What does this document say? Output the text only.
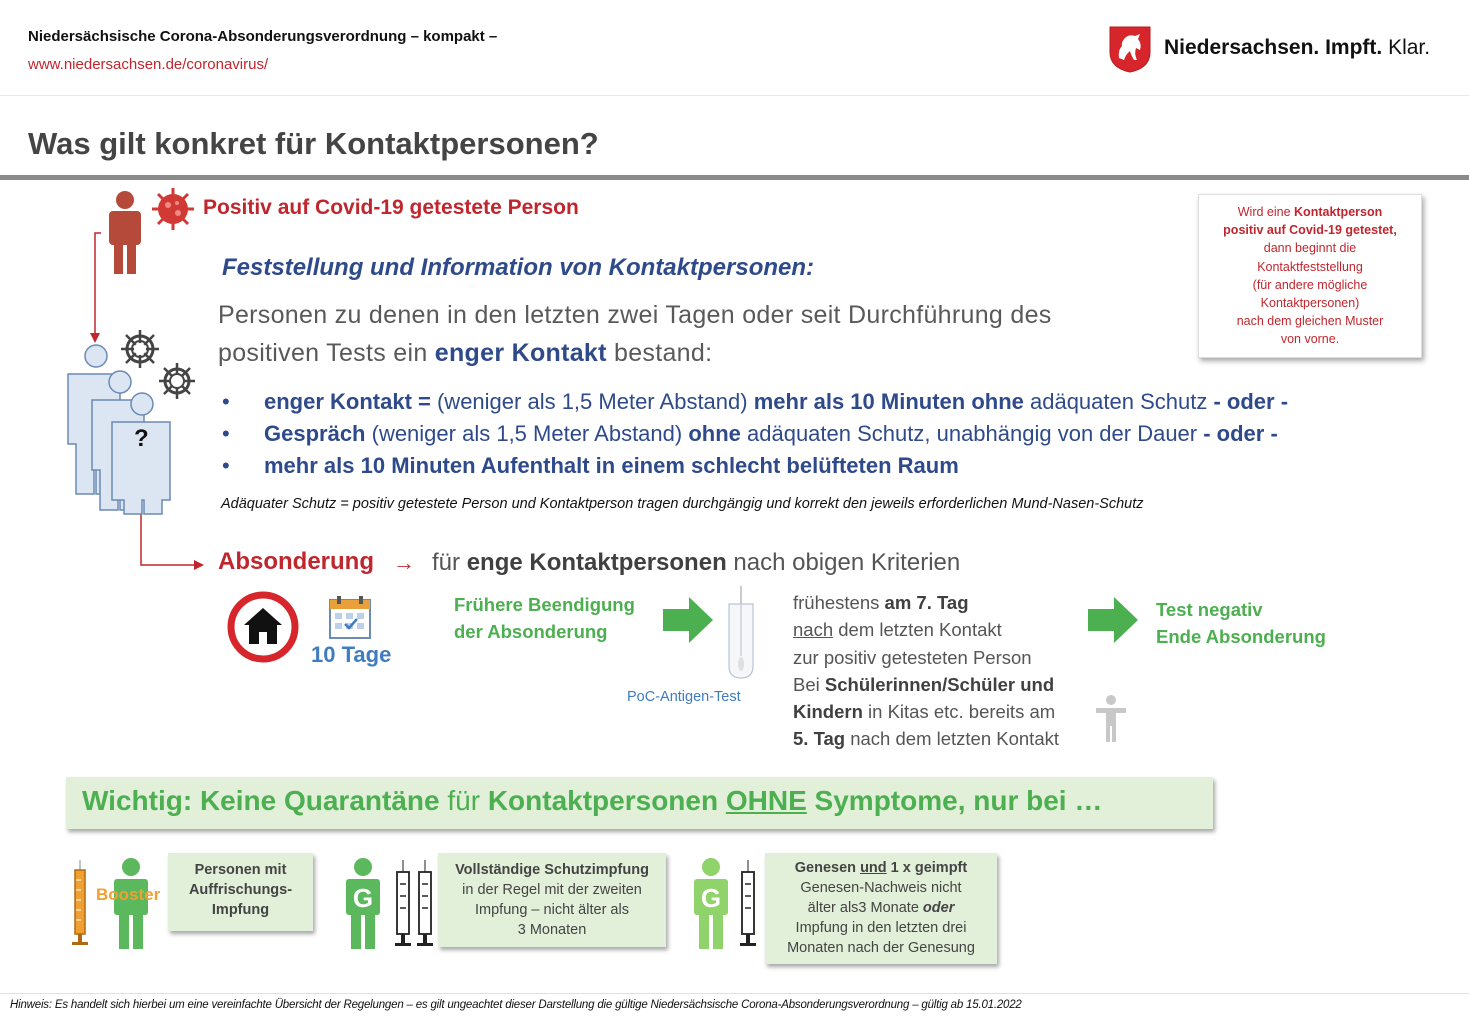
Niedersächsische Corona-Absonderungsverordnung – kompakt –
www.niedersachsen.de/coronavirus/
Niedersachsen. Impft. Klar.
Was gilt konkret für Kontaktpersonen?
Positiv auf Covid-19 getestete Person
?
Feststellung und Information von Kontaktpersonen:
Personen zu denen in den letzten zwei Tagen oder seit Durchführung des positiven Tests ein enger Kontakt bestand:
• enger Kontakt = (weniger als 1,5 Meter Abstand) mehr als 10 Minuten ohne adäquaten Schutz - oder -
• Gespräch (weniger als 1,5 Meter Abstand) ohne adäquaten Schutz, unabhängig von der Dauer - oder -
• mehr als 10 Minuten Aufenthalt in einem schlecht belüfteten Raum
Adäquater Schutz = positiv getestete Person und Kontaktperson tragen durchgängig und korrekt den jeweils erforderlichen Mund-Nasen-Schutz
Wird eine Kontaktperson
positiv auf Covid-19 getestet,
dann beginnt die
Kontaktfeststellung
(für andere mögliche
Kontaktpersonen)
nach dem gleichen Muster
von vorne.
Absonderung → für enge Kontaktpersonen nach obigen Kriterien
10 Tage
Frühere Beendigung
der Absonderung
PoC-Antigen-Test
frühestens am 7. Tag
nach dem letzten Kontakt
zur positiv getesteten Person
Bei Schülerinnen/Schüler und
Kindern in Kitas etc. bereits am
5. Tag nach dem letzten Kontakt
Test negativ
Ende Absonderung
Wichtig: Keine Quarantäne für Kontaktpersonen OHNE Symptome, nur bei …
Booster
Personen mit
Auffrischungs-
Impfung	G
Vollständige Schutzimpfung
in der Regel mit der zweiten
Impfung – nicht älter als
3 Monaten
G
Genesen und 1 x geimpft
Genesen-Nachweis nicht
älter als3 Monate oder
Impfung in den letzten drei
Monaten nach der Genesung
Hinweis: Es handelt sich hierbei um eine vereinfachte Übersicht der Regelungen – es gilt ungeachtet dieser Darstellung die gültige Niedersächsische Corona-Absonderungsverordnung – gültig ab 15.01.2022
